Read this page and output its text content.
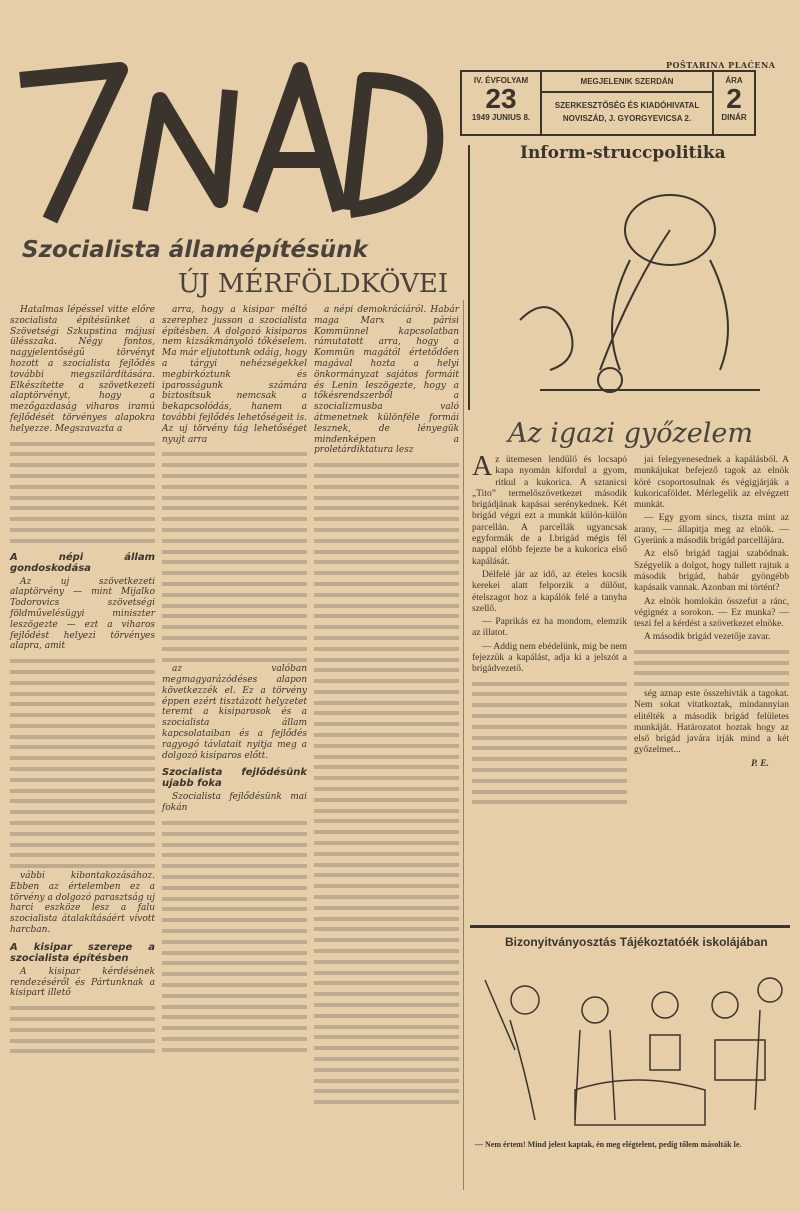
POŠTARINA PLAĆENA
IV. ÉVFOLYAM
23
1949 JUNIUS 8.
MEGJELENIK SZERDÁN
SZERKESZTŐSÉG ÉS KIADÓHIVATAL
NOVISZÁD, J. GYORGYEVICSA 2.
ÁRA
2
DINÁR
Inform-struccpolitika
Szocialista államépítésünk
ÚJ MÉRFÖLDKÖVEI

Hatalmas lépéssel vitte előre szocialista építésünket a Szövetségi Szkupstina májusi ülésszaka. Négy fontos, nagyjelentőségű törvényt hozott a szocialista fejlődés további megszilárdítására. Elkészítette a szövetkezeti alaptörvényt, hogy a mezőgazdaság viharos iramú fejlődését törvényes alapokra helyezze. Megszavazta a

A népi állam gondoskodása

Az uj szövetkezeti alaptörvény — mint Mijalko Todorovics szövetségi földművelésügyi miniszter leszögezte — ezt a viharos fejlődést helyezi törvényes alapra, amit

vábbi kibontakozásához. Ebben az értelemben ez a törvény a dolgozó parasztság uj harci eszköze lesz a falu szocialista átalakításáért vívott harcban.

A kisipar szerepe a szocialista építésben

A kisipar kérdésének rendezéséről és Pártunknak a kisipart illető

arra, hogy a kisipar méltó szerephez jusson a szocialista építésben. A dolgozó kisiparos nem kizsákmányoló tőkéselem. Ma már eljutottunk odáig, hogy a tárgyi nehézségekkel megbirkóztunk és iparosságunk számára biztosítsuk nemcsak a bekapcsolódás, hanem a további fejlődés lehetőségeit is. Az uj törvény tág lehetőséget nyujt arra

az valóban megmagyarázódéses alapon következzék el. Ez a törvény éppen ezért tisztázott helyzetet teremt a kisiparosok és a szocialista állam kapcsolataiban és a fejlődés ragyogó távlatait nyitja meg a dolgozó kisiparos előtt.

Szocialista fejlődésünk ujabb foka

Szocialista fejlődésünk mai fokán

a népi demokráciáról. Habár maga Marx a párisi Kommünnel kapcsolatban rámutatott arra, hogy a Kommün magától értetődően magával hozta a helyi önkormányzat sajátos formáit és Lenin leszögezte, hogy a tőkésrendszerből a szocializmusba való átmenetnek különféle formái lesznek, de lényegük mindenképen a proletárdiktatura lesz

Az igazi győzelem

Az ütemesen lendülő és locsapó kapa nyomán kifordul a gyom, ritkul a kukorica. A sztanicsi „Tito” termelőszövetkezet második brigádjának kapásai serénykednek. Két brigád végzi ezt a munkát külön-külön parcellán. A parcellák ugyancsak egyformák de a I.brigád mégis fél nappal előbb fejezte be a kukorica első kapálását.

Délfelé jár az idő, az ételes kocsik kerekei alatt felporzik a dűlőut, ételszagot hoz a kapálók felé a tanyha szellő.

— Paprikás ez ha mondom, elemzik az illatot.

— Addig nem ebédelünk, mig be nem fejezzük a kapálást, adja ki a jelszót a brigádvezető.

jai felegyenesednek a kapálásból. A munkájukat befejező tagok az elnök köré csoportosulnak és végigjárják a kukoricaföldet. Mérlegelik az elvégzett munkát.

— Egy gyom sincs, tiszta mint az arany, — állapitja meg az elnök. — Gyerünk a második brigád parcellájára.

Az első brigád tagjai szabódnak. Szégyelik a dolgot, hogy tullett rajtuk a második brigád, habár gyöngébb kapásaik vannak. Azonban mi történt?

Az elnök homlokán összefut a ránc, végignéz a sorokon. — Ez munka? — teszi fel a kérdést a szövetkezet elnöke.

A második brigád vezetője zavar.

ség aznap este összehivták a tagokat. Nem sokat vitatkoztak, mindannyian elitélték a második brigád felületes munkáját. Határozatot hoztak hogy az első brigád javára irják mind a két győzelmet...

P. E.
Bizonyitványosztás Tájékoztatóék iskolájában
— Nem értem! Mind jelest kaptak, én meg elégtelent, pedig tőlem másolták le.
